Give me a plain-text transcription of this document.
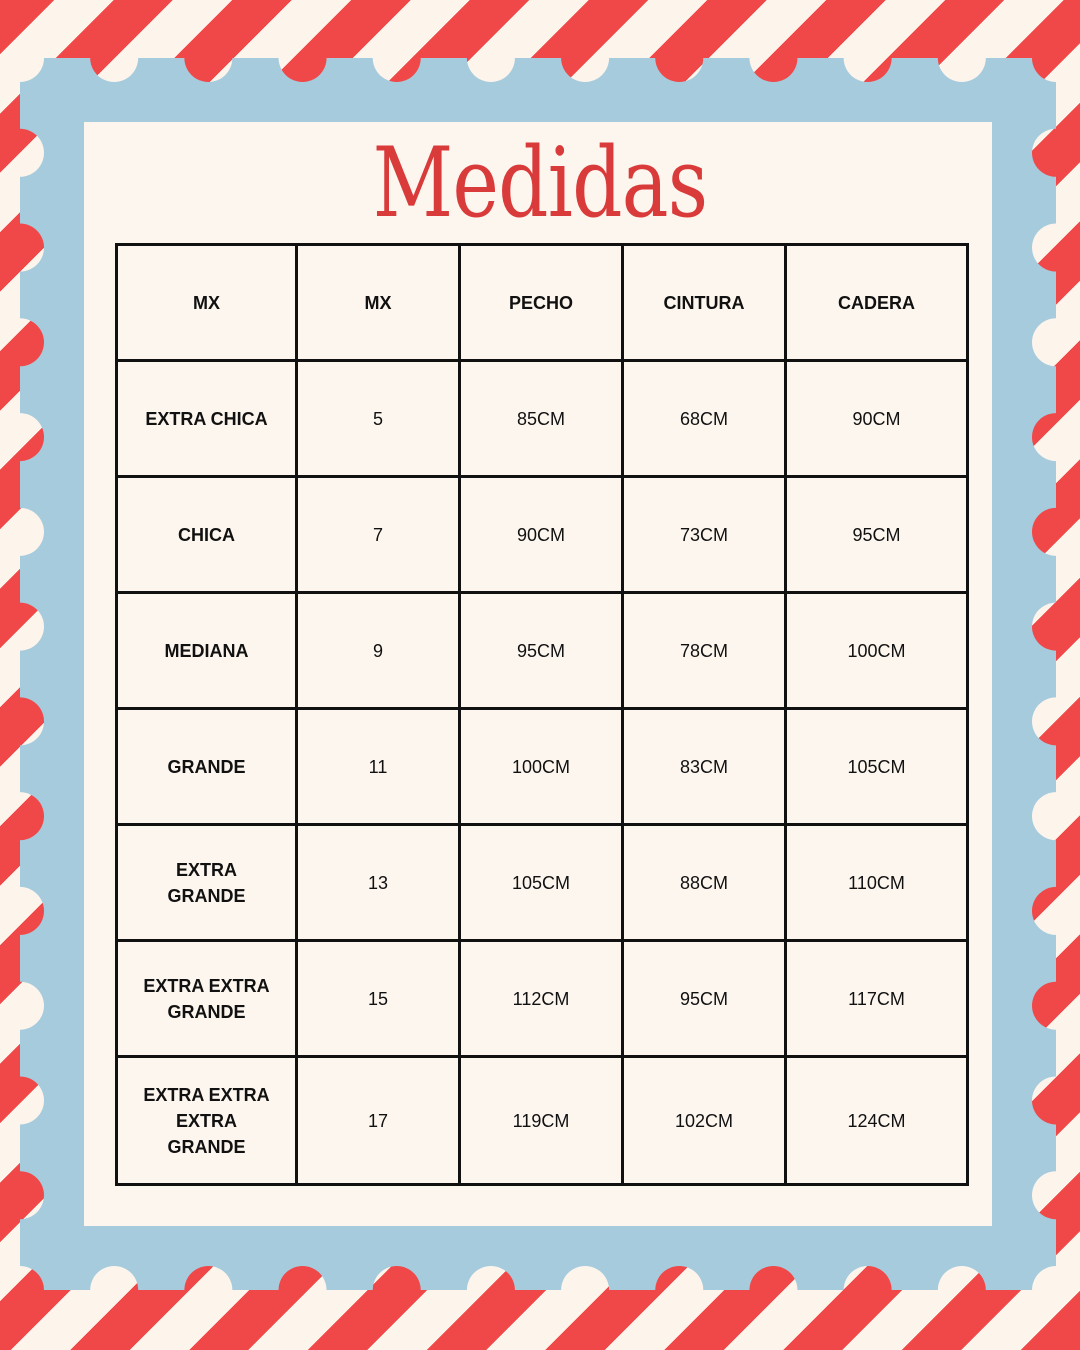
Medidas
MX	MX	PECHO	CINTURA	CADERA
EXTRA CHICA	5	85CM	68CM	90CM
CHICA	7	90CM	73CM	95CM
MEDIANA	9	95CM	78CM	100CM
GRANDE	11	100CM	83CM	105CM
EXTRA
GRANDE	13	105CM	88CM	110CM
EXTRA EXTRA
GRANDE	15	112CM	95CM	117CM
EXTRA EXTRA
EXTRA
GRANDE	17	119CM	102CM	124CM
